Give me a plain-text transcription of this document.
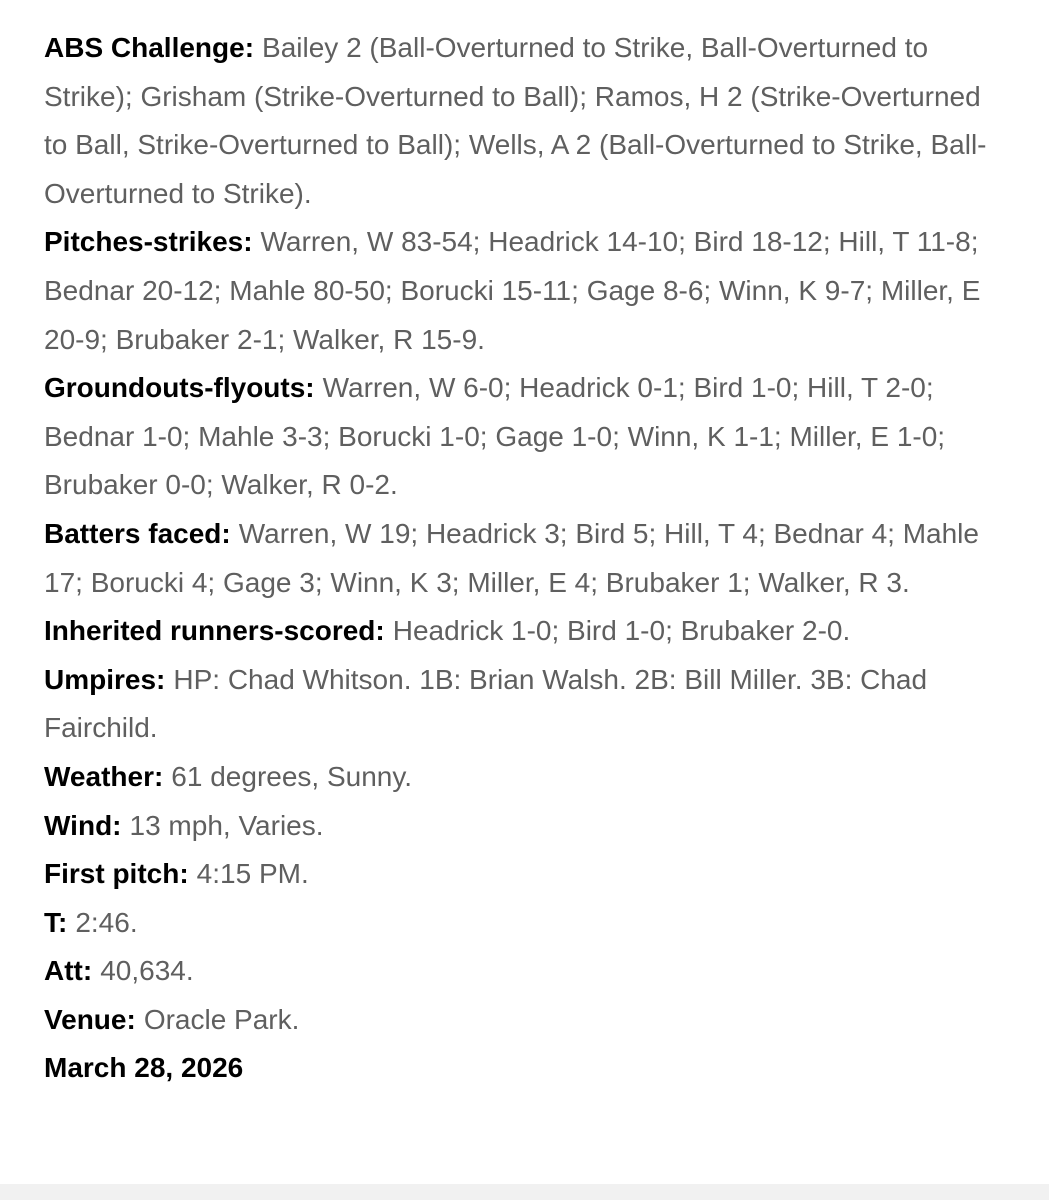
ABS Challenge: Bailey 2 (Ball-Overturned to Strike, Ball-Overturned to Strike); Grisham (Strike-Overturned to Ball); Ramos, H 2 (Strike-Overturned to Ball, Strike-Overturned to Ball); Wells, A 2 (Ball-Overturned to Strike, Ball-Overturned to Strike).

Pitches-strikes: Warren, W 83-54; Headrick 14-10; Bird 18-12; Hill, T 11-8; Bednar 20-12; Mahle 80-50; Borucki 15-11; Gage 8-6; Winn, K 9-7; Miller, E 20-9; Brubaker 2-1; Walker, R 15-9.

Groundouts-flyouts: Warren, W 6-0; Headrick 0-1; Bird 1-0; Hill, T 2-0; Bednar 1-0; Mahle 3-3; Borucki 1-0; Gage 1-0; Winn, K 1-1; Miller, E 1-0; Brubaker 0-0; Walker, R 0-2.

Batters faced: Warren, W 19; Headrick 3; Bird 5; Hill, T 4; Bednar 4; Mahle 17; Borucki 4; Gage 3; Winn, K 3; Miller, E 4; Brubaker 1; Walker, R 3.

Inherited runners-scored: Headrick 1-0; Bird 1-0; Brubaker 2-0.

Umpires: HP: Chad Whitson. 1B: Brian Walsh. 2B: Bill Miller. 3B: Chad Fairchild.

Weather: 61 degrees, Sunny.

Wind: 13 mph, Varies.

First pitch: 4:15 PM.

T: 2:46.

Att: 40,634.

Venue: Oracle Park.

March 28, 2026
